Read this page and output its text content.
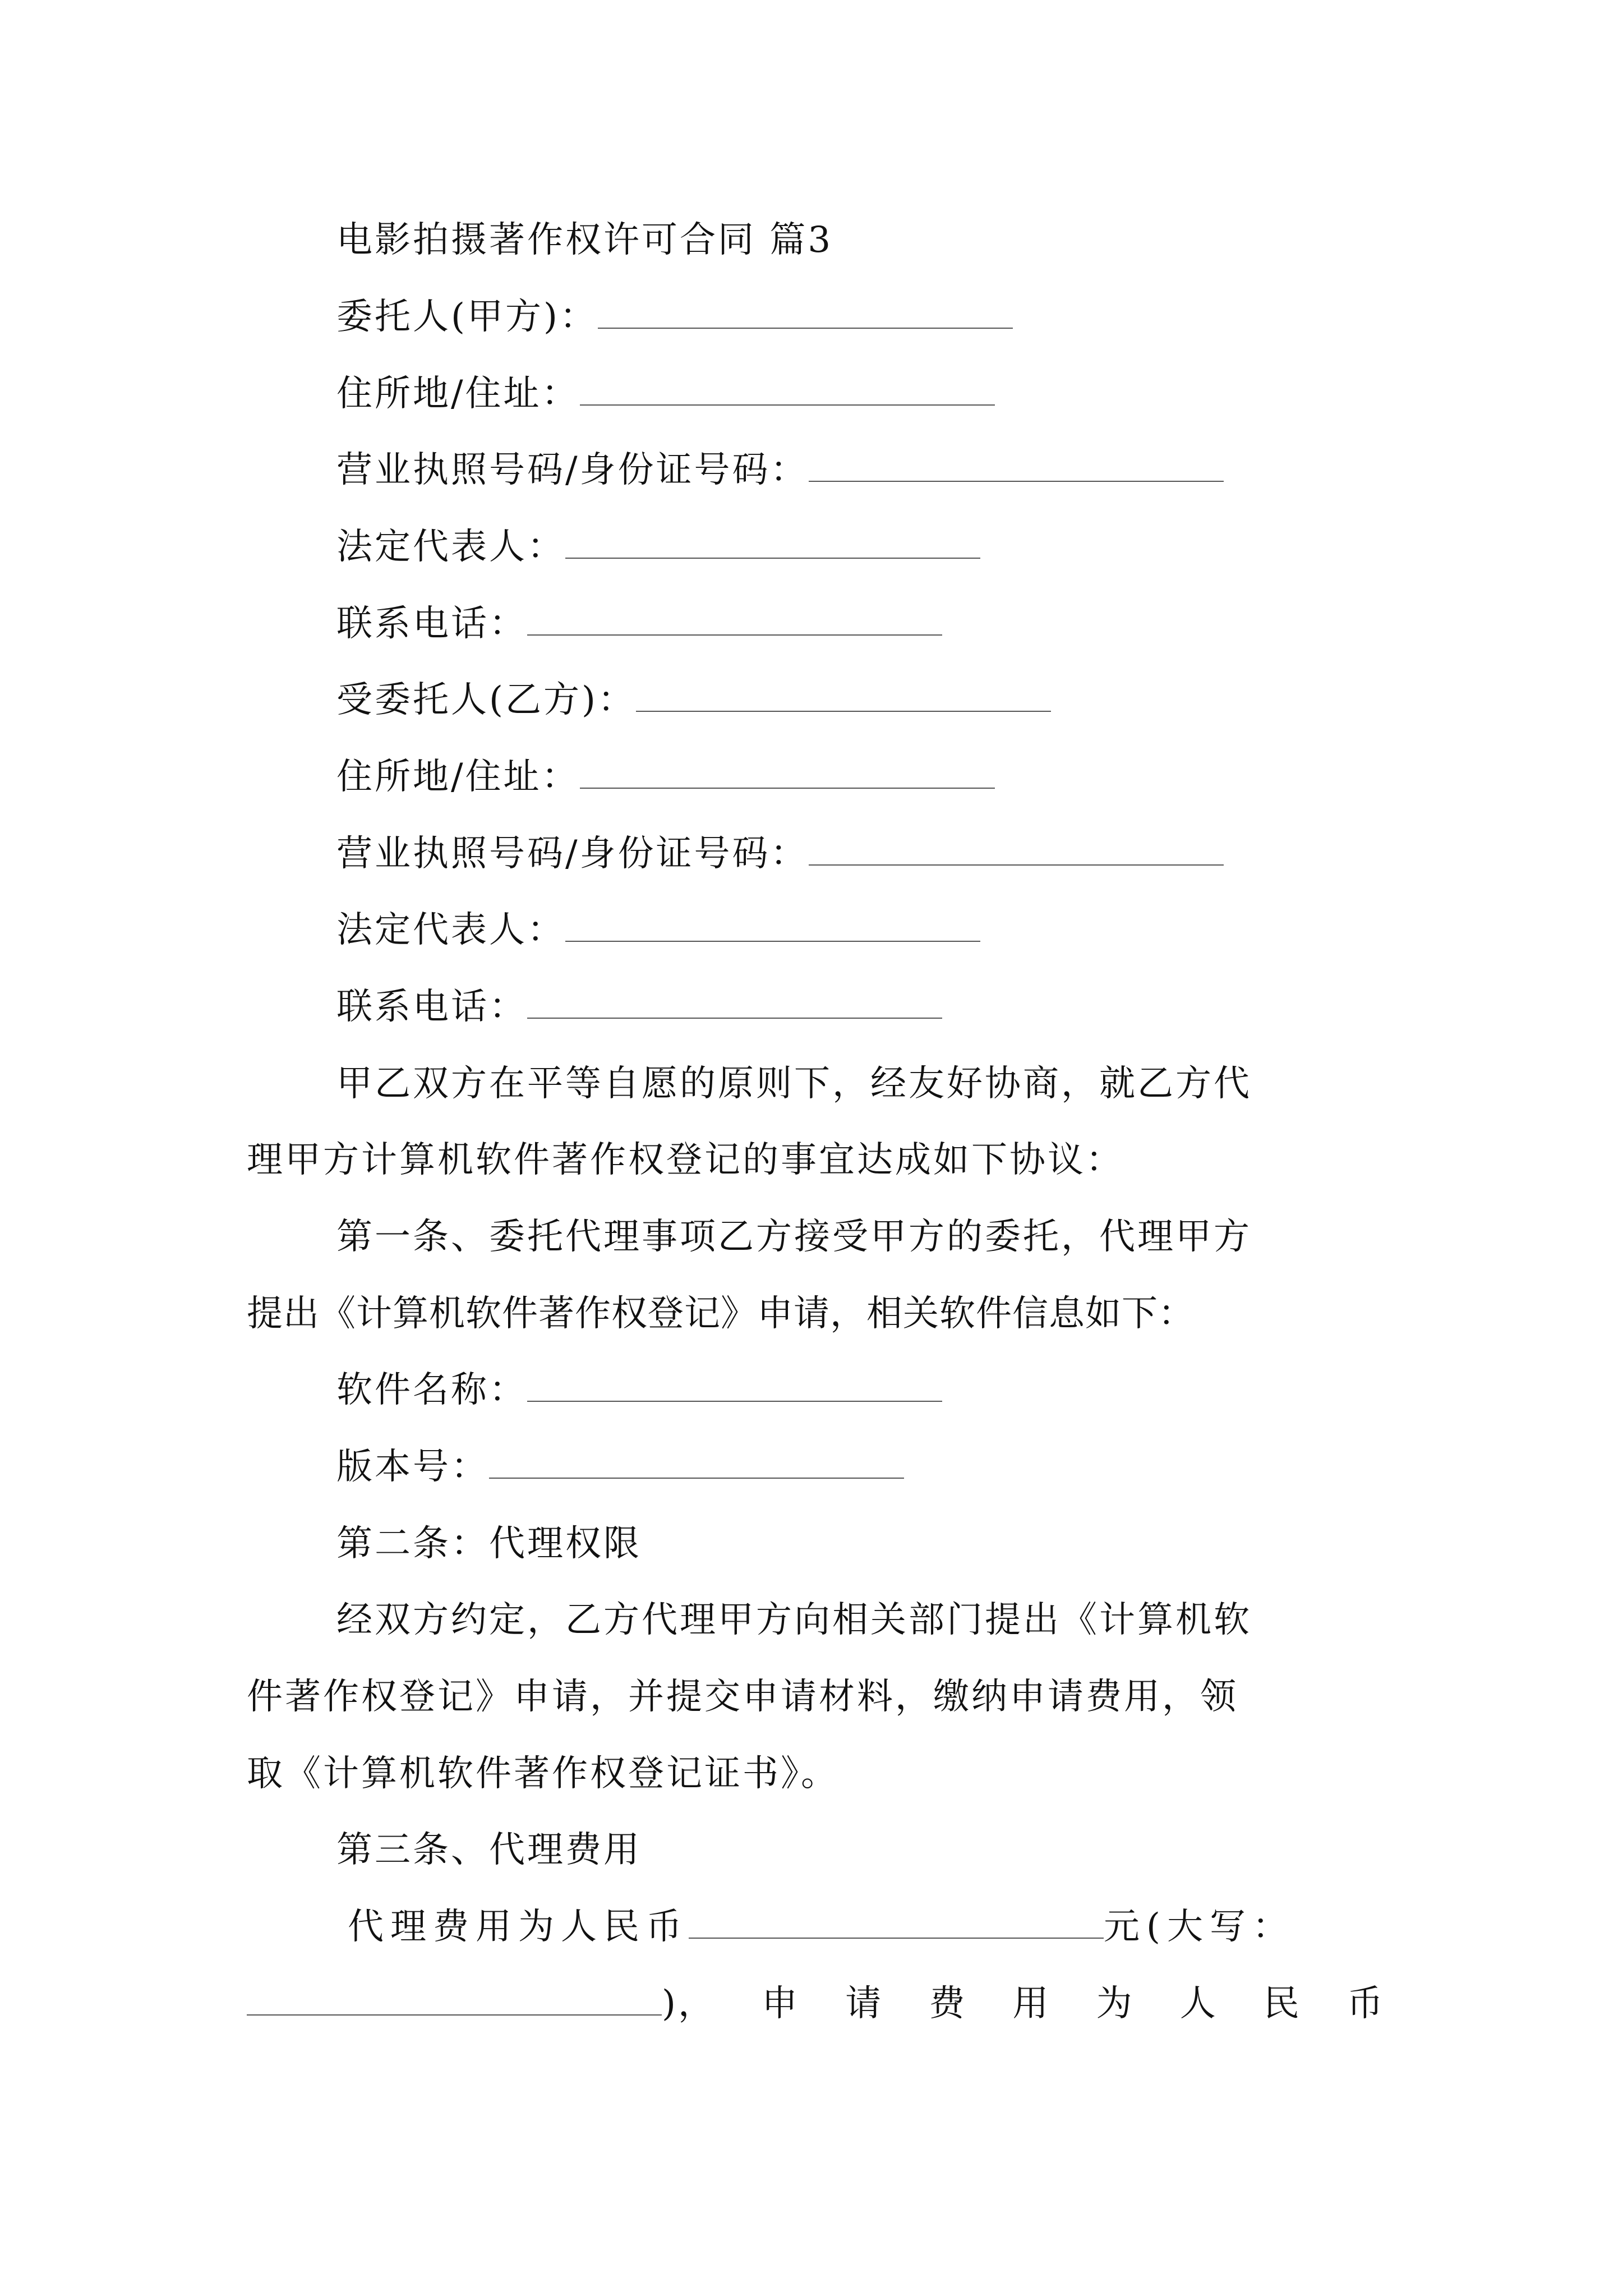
电影拍摄著作权许可合同 篇3
委托人(甲方)：
住所地/住址：
营业执照号码/身份证号码：
法定代表人：
联系电话：
受委托人(乙方)：
住所地/住址：
营业执照号码/身份证号码：
法定代表人：
联系电话：
甲乙双方在平等自愿的原则下，经友好协商，就乙方代
理甲方计算机软件著作权登记的事宜达成如下协议：
第一条、委托代理事项乙方接受甲方的委托，代理甲方
提出《计算机软件著作权登记》申请，相关软件信息如下：
软件名称：
版本号：
第二条：代理权限
经双方约定，乙方代理甲方向相关部门提出《计算机软
件著作权登记》申请，并提交申请材料，缴纳申请费用，领
取《计算机软件著作权登记证书》。
第三条、代理费用
代理费用为人民币	元(大写：
)， 申 请 费 用 为 人 民 币
